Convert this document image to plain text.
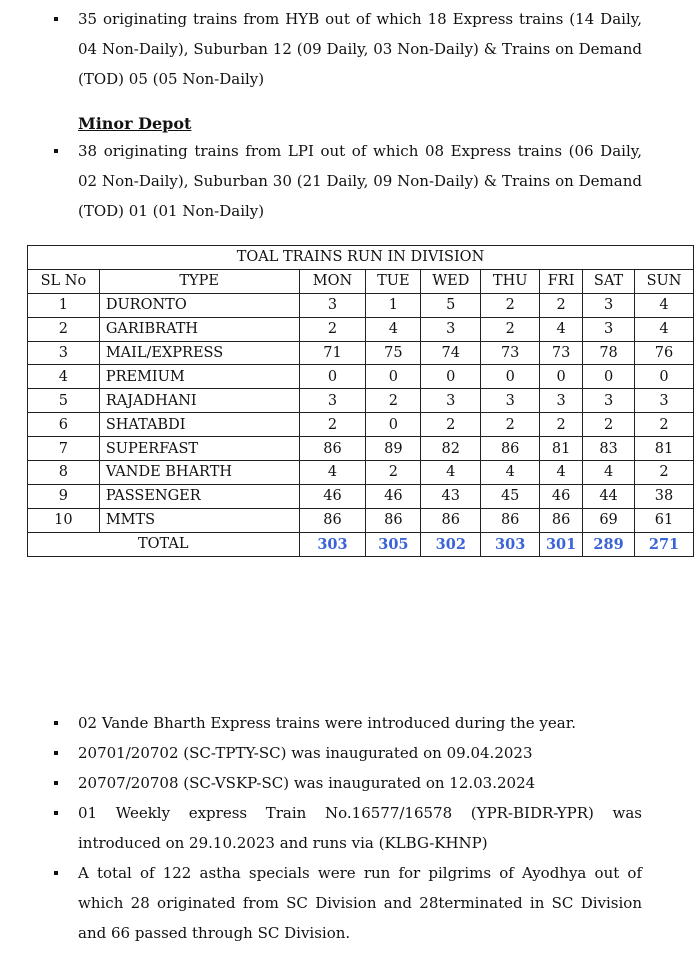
35 originating trains from HYB out of which 18 Express trains (14 Daily, 04 Non-Daily), Suburban 12 (09 Daily, 03 Non-Daily) & Trains on Demand (TOD) 05 (05 Non-Daily)
Minor Depot
38 originating trains from LPI out of which 08 Express trains (06 Daily, 02 Non-Daily), Suburban 30 (21 Daily, 09 Non-Daily) & Trains on Demand (TOD) 01 (01 Non-Daily)
TOAL TRAINS RUN IN DIVISION								
SL No	TYPE	MON	TUE	WED	THU	FRI	SAT	SUN
1	DURONTO	3	1	5	2	2	3	4
2	GARIBRATH	2	4	3	2	4	3	4
3	MAIL/EXPRESS	71	75	74	73	73	78	76
4	PREMIUM	0	0	0	0	0	0	0
5	RAJADHANI	3	2	3	3	3	3	3
6	SHATABDI	2	0	2	2	2	2	2
7	SUPERFAST	86	89	82	86	81	83	81
8	VANDE BHARTH	4	2	4	4	4	4	2
9	PASSENGER	46	46	43	45	46	44	38
10	MMTS	86	86	86	86	86	69	61
TOTAL		303	305	302	303	301	289	271
02 Vande Bharth Express trains were introduced during the year.
20701/20702 (SC-TPTY-SC) was inaugurated on 09.04.2023
20707/20708 (SC-VSKP-SC) was inaugurated on 12.03.2024
01 Weekly express Train No.16577/16578 (YPR-BIDR-YPR) was introduced on 29.10.2023 and runs via (KLBG-KHNP)
A total of 122 astha specials were run for pilgrims of Ayodhya out of which 28 originated from SC Division and 28terminated in SC Division and 66 passed through SC Division.
